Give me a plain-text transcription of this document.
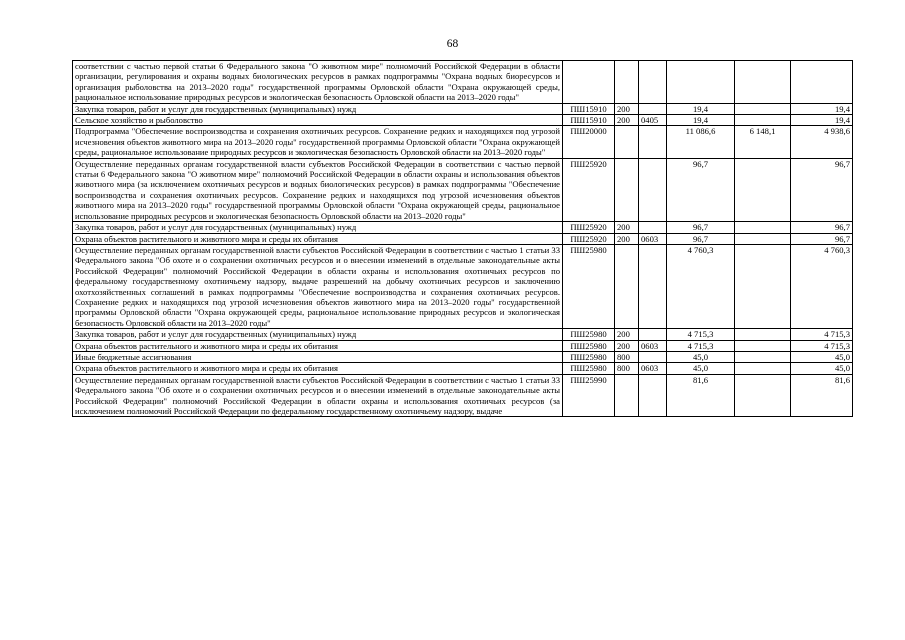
68
соответствии с частью первой статьи 6 Федерального закона "О животном мире" полномочий Российской Федерации в области организации, регулирования и охраны водных биологических ресурсов в рамках подпрограммы "Охрана водных биоресурсов и организация рыболовства на 2013–2020 годы" государственной программы Орловской области "Охрана окружающей среды, рациональное использование природных ресурсов и экологическая безопасность Орловской области на 2013–2020 годы"						
Закупка товаров, работ и услуг для государственных (муниципальных) нужд	ПШ15910	200		19,4		19,4
Сельское хозяйство и рыболовство	ПШ15910	200	0405	19,4		19,4
Подпрограмма "Обеспечение воспроизводства и сохранения охотничьих ресурсов. Сохранение редких и находящихся под угрозой исчезновения объектов животного мира на 2013–2020 годы" государственной программы Орловской области "Охрана окружающей среды, рациональное использование природных ресурсов и экологическая безопасность Орловской области на 2013–2020 годы"	ПШ20000			11 086,6	6 148,1	4 938,6
Осуществление переданных органам государственной власти субъектов Российской Федерации в соответствии с частью первой статьи 6 Федерального закона "О животном мире" полномочий Российской Федерации в области охраны и использования объектов животного мира (за исключением охотничьих ресурсов и водных биологических ресурсов) в рамках подпрограммы "Обеспечение воспроизводства и сохранения охотничьих ресурсов. Сохранение редких и находящихся под угрозой исчезновения объектов животного мира на 2013–2020 годы" государственной программы Орловской области "Охрана окружающей среды, рациональное использование природных ресурсов и экологическая безопасность Орловской области на 2013–2020 годы"	ПШ25920			96,7		96,7
Закупка товаров, работ и услуг для государственных (муниципальных) нужд	ПШ25920	200		96,7		96,7
Охрана объектов растительного и животного мира и среды их обитания	ПШ25920	200	0603	96,7		96,7
Осуществление переданных органам государственной власти субъектов Российской Федерации в соответствии с частью 1 статьи 33 Федерального закона "Об охоте и о сохранении охотничьих ресурсов и о внесении изменений в отдельные законодательные акты Российской Федерации" полномочий Российской Федерации в области охраны и использования охотничьих ресурсов по федеральному государственному охотничьему надзору, выдаче разрешений на добычу охотничьих ресурсов и заключению охотхозяйственных соглашений в рамках подпрограммы "Обеспечение воспроизводства и сохранения охотничьих ресурсов. Сохранение редких и находящихся под угрозой исчезновения объектов животного мира на 2013–2020 годы" государственной программы Орловской области "Охрана окружающей среды, рациональное использование природных ресурсов и экологическая безопасность Орловской области на 2013–2020 годы"	ПШ25980			4 760,3		4 760,3
Закупка товаров, работ и услуг для государственных (муниципальных) нужд	ПШ25980	200		4 715,3		4 715,3
Охрана объектов растительного и животного мира и среды их обитания	ПШ25980	200	0603	4 715,3		4 715,3
Иные бюджетные ассигнования	ПШ25980	800		45,0		45,0
Охрана объектов растительного и животного мира и среды их обитания	ПШ25980	800	0603	45,0		45,0
Осуществление переданных органам государственной власти субъектов Российской Федерации в соответствии с частью 1 статьи 33 Федерального закона "Об охоте и о сохранении охотничьих ресурсов и о внесении изменений в отдельные законодательные акты Российской Федерации" полномочий Российской Федерации в области охраны и использования охотничьих ресурсов (за исключением полномочий Российской Федерации по федеральному государственному охотничьему надзору, выдаче	ПШ25990			81,6		81,6
